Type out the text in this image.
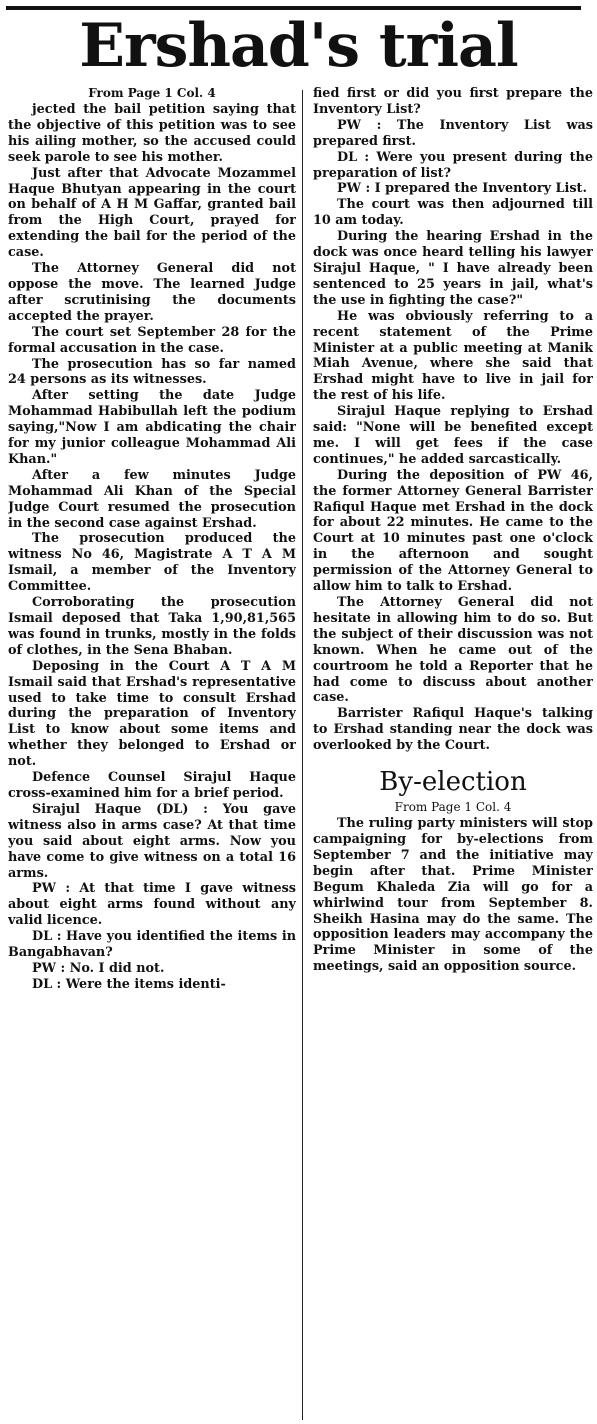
Ershad's trial
From Page 1 Col. 4

jected the bail petition saying that the objective of this petition was to see his ailing mother, so the accused could seek parole to see his mother.

Just after that Advocate Mozammel Haque Bhutyan appearing in the court on behalf of A H M Gaffar, granted bail from the High Court, prayed for extending the bail for the period of the case.

The Attorney General did not oppose the move. The learned Judge after scrutinising the documents accepted the prayer.

The court set September 28 for the formal accusation in the case.

The prosecution has so far named 24 persons as its witnesses.

After setting the date Judge Mohammad Habibullah left the podium saying,"Now I am abdicating the chair for my junior colleague Mohammad Ali Khan."

After a few minutes Judge Mohammad Ali Khan of the Special Judge Court resumed the prosecution in the second case against Ershad.

The prosecution produced the witness No 46, Magistrate A T A M Ismail, a member of the Inventory Committee.

Corroborating the prosecution Ismail deposed that Taka 1,90,81,565 was found in trunks, mostly in the folds of clothes, in the Sena Bhaban.

Deposing in the Court A T A M Ismail said that Ershad's representative used to take time to consult Ershad during the preparation of Inventory List to know about some items and whether they belonged to Ershad or not.

Defence Counsel Sirajul Haque cross-examined him for a brief period.

Sirajul Haque (DL) : You gave witness also in arms case? At that time you said about eight arms. Now you have come to give witness on a total 16 arms.

PW : At that time I gave witness about eight arms found without any valid licence.

DL : Have you identified the items in Bangabhavan?

PW : No. I did not.

DL : Were the items identi-

fied first or did you first prepare the Inventory List?

PW : The Inventory List was prepared first.

DL : Were you present during the preparation of list?

PW : I prepared the Inventory List.

The court was then adjourned till 10 am today.

During the hearing Ershad in the dock was once heard telling his lawyer Sirajul Haque, " I have already been sentenced to 25 years in jail, what's the use in fighting the case?"

He was obviously referring to a recent statement of the Prime Minister at a public meeting at Manik Miah Avenue, where she said that Ershad might have to live in jail for the rest of his life.

Sirajul Haque replying to Ershad said: "None will be benefited except me. I will get fees if the case continues," he added sarcastically.

During the deposition of PW 46, the former Attorney General Barrister Rafiqul Haque met Ershad in the dock for about 22 minutes. He came to the Court at 10 minutes past one o'clock in the afternoon and sought permission of the Attorney General to allow him to talk to Ershad.

The Attorney General did not hesitate in allowing him to do so. But the subject of their discussion was not known. When he came out of the courtroom he told a Reporter that he had come to discuss about another case.

Barrister Rafiqul Haque's talking to Ershad standing near the dock was overlooked by the Court.

By-election
From Page 1 Col. 4

The ruling party ministers will stop campaigning for by-elections from September 7 and the initiative may begin after that. Prime Minister Begum Khaleda Zia will go for a whirlwind tour from September 8. Sheikh Hasina may do the same. The opposition leaders may accompany the Prime Minister in some of the meetings, said an opposition source.
